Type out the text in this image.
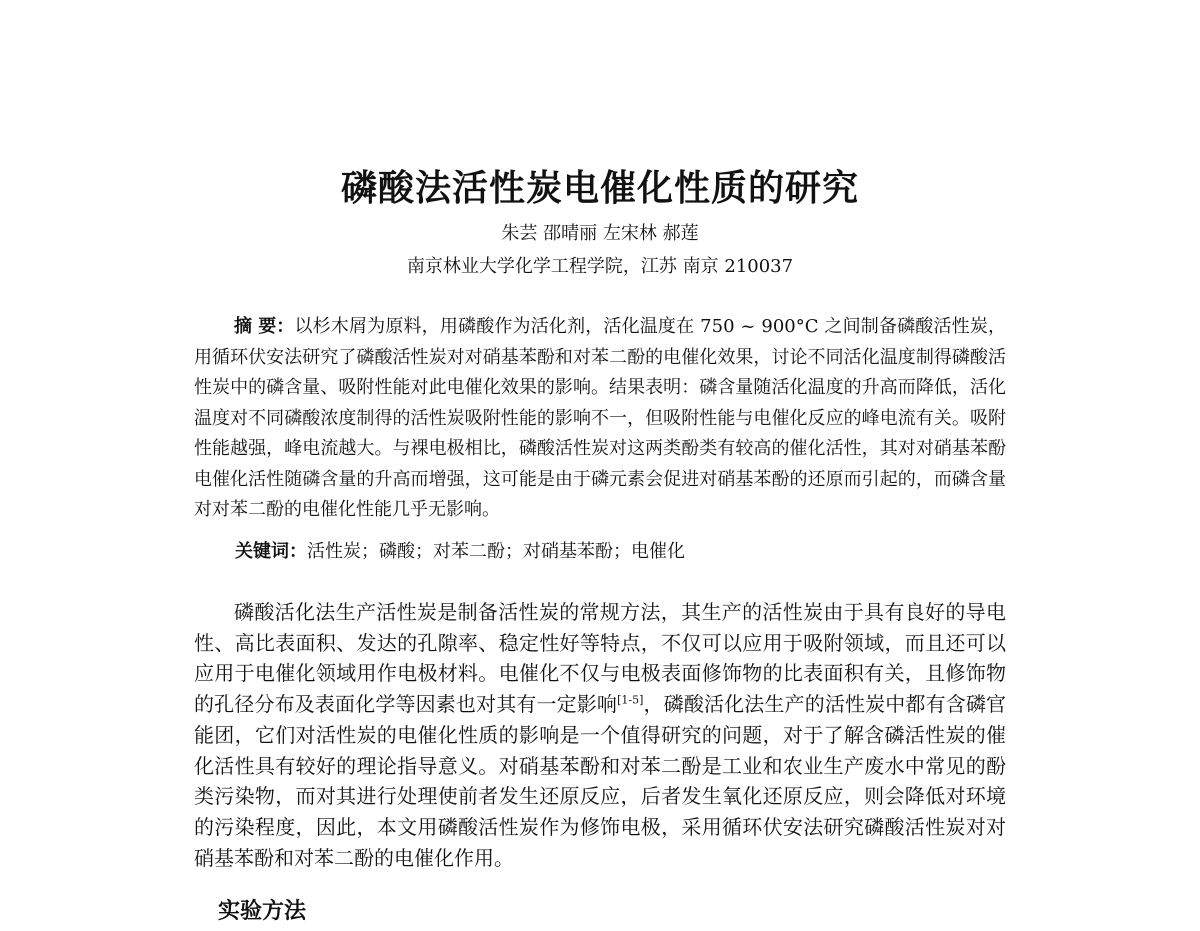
磷酸法活性炭电催化性质的研究

朱芸 邵晴丽 左宋林 郝莲

南京林业大学化学工程学院，江苏 南京 210037

摘 要：以杉木屑为原料，用磷酸作为活化剂，活化温度在 750 ~ 900°C 之间制备磷酸活性炭，用循环伏安法研究了磷酸活性炭对对硝基苯酚和对苯二酚的电催化效果，讨论不同活化温度制得磷酸活性炭中的磷含量、吸附性能对此电催化效果的影响。结果表明：磷含量随活化温度的升高而降低，活化温度对不同磷酸浓度制得的活性炭吸附性能的影响不一，但吸附性能与电催化反应的峰电流有关。吸附性能越强，峰电流越大。与裸电极相比，磷酸活性炭对这两类酚类有较高的催化活性，其对对硝基苯酚电催化活性随磷含量的升高而增强，这可能是由于磷元素会促进对硝基苯酚的还原而引起的，而磷含量对对苯二酚的电催化性能几乎无影响。

关键词：活性炭；磷酸；对苯二酚；对硝基苯酚；电催化

磷酸活化法生产活性炭是制备活性炭的常规方法，其生产的活性炭由于具有良好的导电性、高比表面积、发达的孔隙率、稳定性好等特点，不仅可以应用于吸附领域，而且还可以应用于电催化领域用作电极材料。电催化不仅与电极表面修饰物的比表面积有关，且修饰物的孔径分布及表面化学等因素也对其有一定影响[1-5]，磷酸活化法生产的活性炭中都有含磷官能团，它们对活性炭的电催化性质的影响是一个值得研究的问题，对于了解含磷活性炭的催化活性具有较好的理论指导意义。对硝基苯酚和对苯二酚是工业和农业生产废水中常见的酚类污染物，而对其进行处理使前者发生还原反应，后者发生氧化还原反应，则会降低对环境的污染程度，因此，本文用磷酸活性炭作为修饰电极，采用循环伏安法研究磷酸活性炭对对硝基苯酚和对苯二酚的电催化作用。

实验方法
